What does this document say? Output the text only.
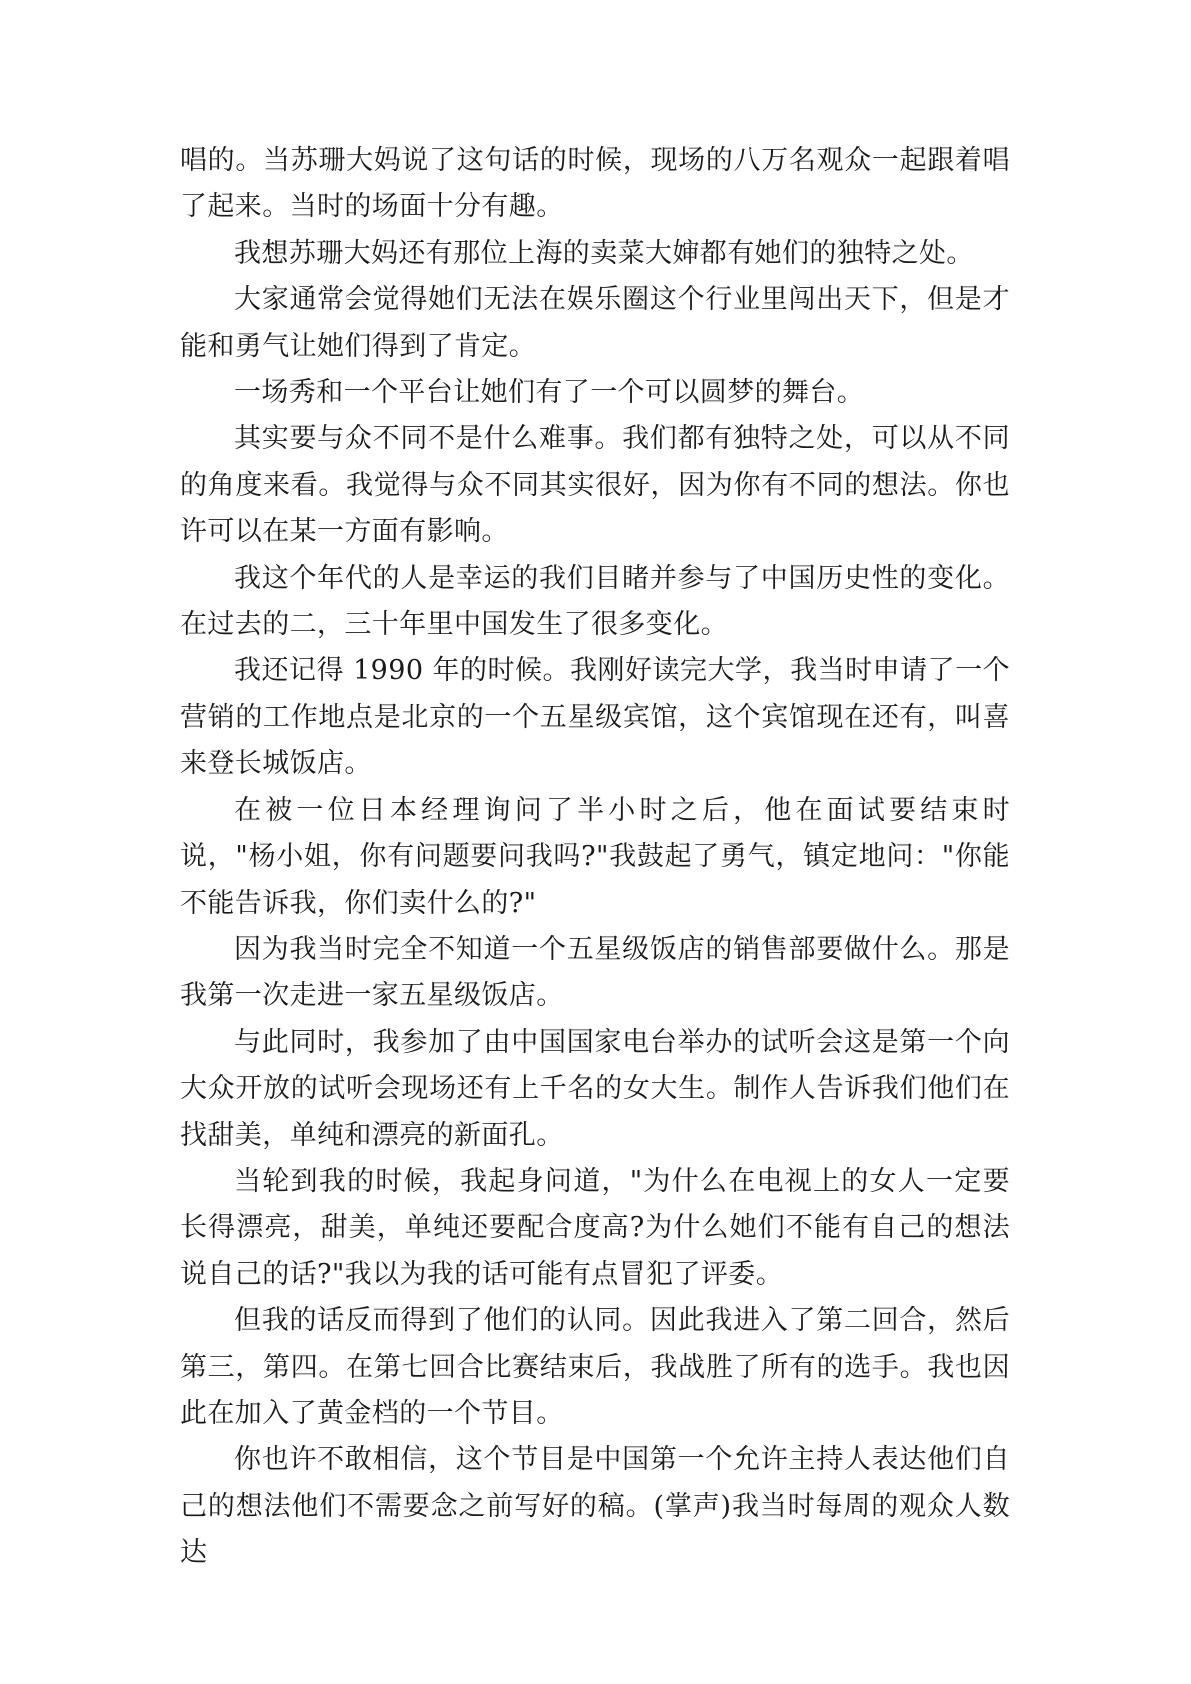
唱的。当苏珊大妈说了这句话的时候，现场的八万名观众一起跟着唱了起来。当时的场面十分有趣。

我想苏珊大妈还有那位上海的卖菜大婶都有她们的独特之处。

大家通常会觉得她们无法在娱乐圈这个行业里闯出天下，但是才能和勇气让她们得到了肯定。

一场秀和一个平台让她们有了一个可以圆梦的舞台。

其实要与众不同不是什么难事。我们都有独特之处，可以从不同的角度来看。我觉得与众不同其实很好，因为你有不同的想法。你也许可以在某一方面有影响。

我这个年代的人是幸运的我们目睹并参与了中国历史性的变化。在过去的二，三十年里中国发生了很多变化。

我还记得 1990 年的时候。我刚好读完大学，我当时申请了一个营销的工作地点是北京的一个五星级宾馆，这个宾馆现在还有，叫喜来登长城饭店。

在被一位日本经理询问了半小时之后，他在面试要结束时说，"杨小姐，你有问题要问我吗?"我鼓起了勇气，镇定地问："你能不能告诉我，你们卖什么的?"

因为我当时完全不知道一个五星级饭店的销售部要做什么。那是我第一次走进一家五星级饭店。

与此同时，我参加了由中国国家电台举办的试听会这是第一个向大众开放的试听会现场还有上千名的女大生。制作人告诉我们他们在找甜美，单纯和漂亮的新面孔。

当轮到我的时候，我起身问道，"为什么在电视上的女人一定要长得漂亮，甜美，单纯还要配合度高?为什么她们不能有自己的想法说自己的话?"我以为我的话可能有点冒犯了评委。

但我的话反而得到了他们的认同。因此我进入了第二回合，然后第三，第四。在第七回合比赛结束后，我战胜了所有的选手。我也因此在加入了黄金档的一个节目。

你也许不敢相信，这个节目是中国第一个允许主持人表达他们自己的想法他们不需要念之前写好的稿。(掌声)我当时每周的观众人数达
